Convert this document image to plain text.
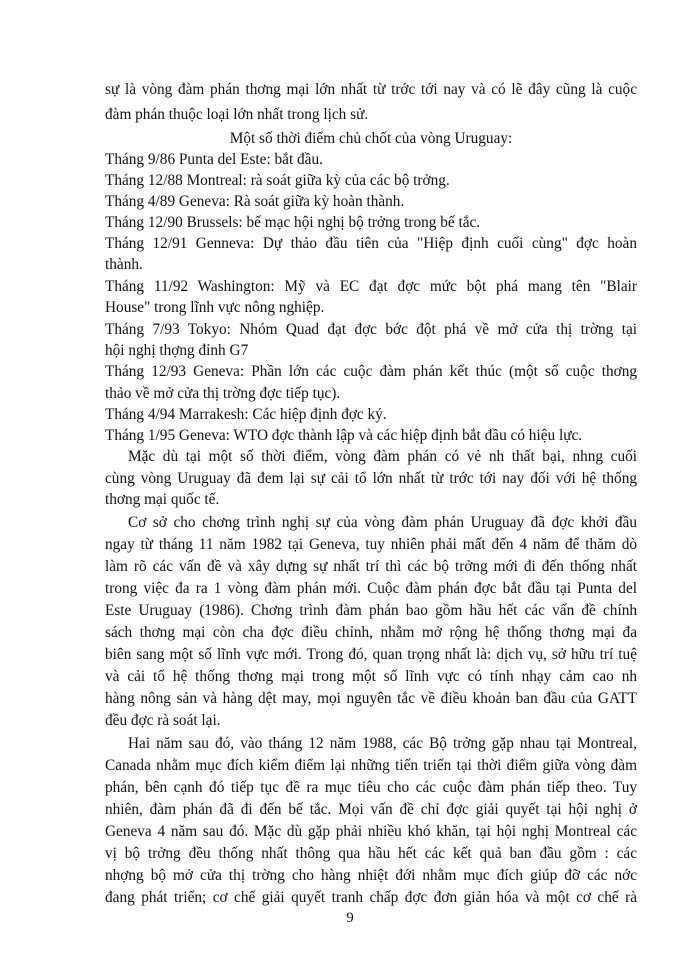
sự là vòng đàm phán thơng mại lớn nhất từ trớc tới nay và có lẽ đây cũng là cuộc
đàm phán thuộc loại lớn nhất trong lịch sử.
Một số thời điểm chủ chốt của vòng Uruguay:
Tháng 9/86 Punta del Este: bắt đầu.
Tháng 12/88 Montreal: rà soát giữa kỳ của các bộ trởng.
Tháng 4/89 Geneva: Rà soát giữa kỳ hoàn thành.
Tháng 12/90 Brussels: bế mạc hội nghị bộ trởng trong bế tắc.
Tháng 12/91 Genneva: Dự thảo đầu tiên của "Hiệp định cuối cùng" đợc hoàn
thành.
Tháng 11/92 Washington: Mỹ và EC đạt đợc mức bột phá mang tên "Blair
House" trong lĩnh vực nông nghiệp.
Tháng 7/93 Tokyo: Nhóm Quad đạt đợc bớc đột phá về mở cửa thị trờng tại
hội nghị thợng đỉnh G7
Tháng 12/93 Geneva: Phần lớn các cuộc đàm phán kết thúc (một số cuộc thơng
thảo về mở cửa thị trờng đợc tiếp tục).
Tháng 4/94 Marrakesh: Các hiệp định đợc ký.
Tháng 1/95 Geneva: WTO đợc thành lập và các hiệp định bắt đầu có hiệu lực.
Mặc dù tại một số thời điểm, vòng đàm phán có vẻ nh thất bại, nhng cuối
cùng vòng Uruguay đã đem lại sự cải tổ lớn nhất từ trớc tới nay đối với hệ thống
thơng mại quốc tế.
Cơ sở cho chơng trình nghị sự của vòng đàm phán Uruguay đã đợc khởi đầu
ngay từ tháng 11 năm 1982 tại Geneva, tuy nhiên phải mất đến 4 năm để thăm dò
làm rõ các vấn đề và xây dựng sự nhất trí thì các bộ trởng mới đi đến thống nhất
trong việc đa ra 1 vòng đàm phán mới. Cuộc đàm phán đợc bắt đầu tại Punta del
Este Uruguay (1986). Chơng trình đàm phán bao gồm hầu hết các vấn đề chính
sách thơng mại còn cha đợc điều chỉnh, nhằm mở rộng hệ thống thơng mại đa
biên sang một số lĩnh vực mới. Trong đó, quan trọng nhất là: dịch vụ, sở hữu trí tuệ
và cải tổ hệ thống thơng mại trong một số lĩnh vực có tính nhạy cảm cao nh
hàng nông sản và hàng dệt may, mọi nguyên tắc về điều khoản ban đầu của GATT
đều đợc rà soát lại.
Hai năm sau đó, vào tháng 12 năm 1988, các Bộ trởng gặp nhau tại Montreal,
Canada nhằm mục đích kiểm điểm lại những tiến triển tại thời điểm giữa vòng đàm
phán, bên cạnh đó tiếp tục đề ra mục tiêu cho các cuộc đàm phán tiếp theo. Tuy
nhiên, đàm phán đã đi đến bế tắc. Mọi vấn đề chỉ đợc giải quyết tại hội nghị ở
Geneva 4 năm sau đó. Mặc dù gặp phải nhiều khó khăn, tại hội nghị Montreal các
vị bộ trởng đều thống nhất thông qua hầu hết các kết quả ban đầu gồm : các
nhợng bộ mở cửa thị trờng cho hàng nhiệt đới nhằm mục đích giúp đỡ các nớc
đang phát triển; cơ chế giải quyết tranh chấp đợc đơn giản hóa và một cơ chế rà
9
